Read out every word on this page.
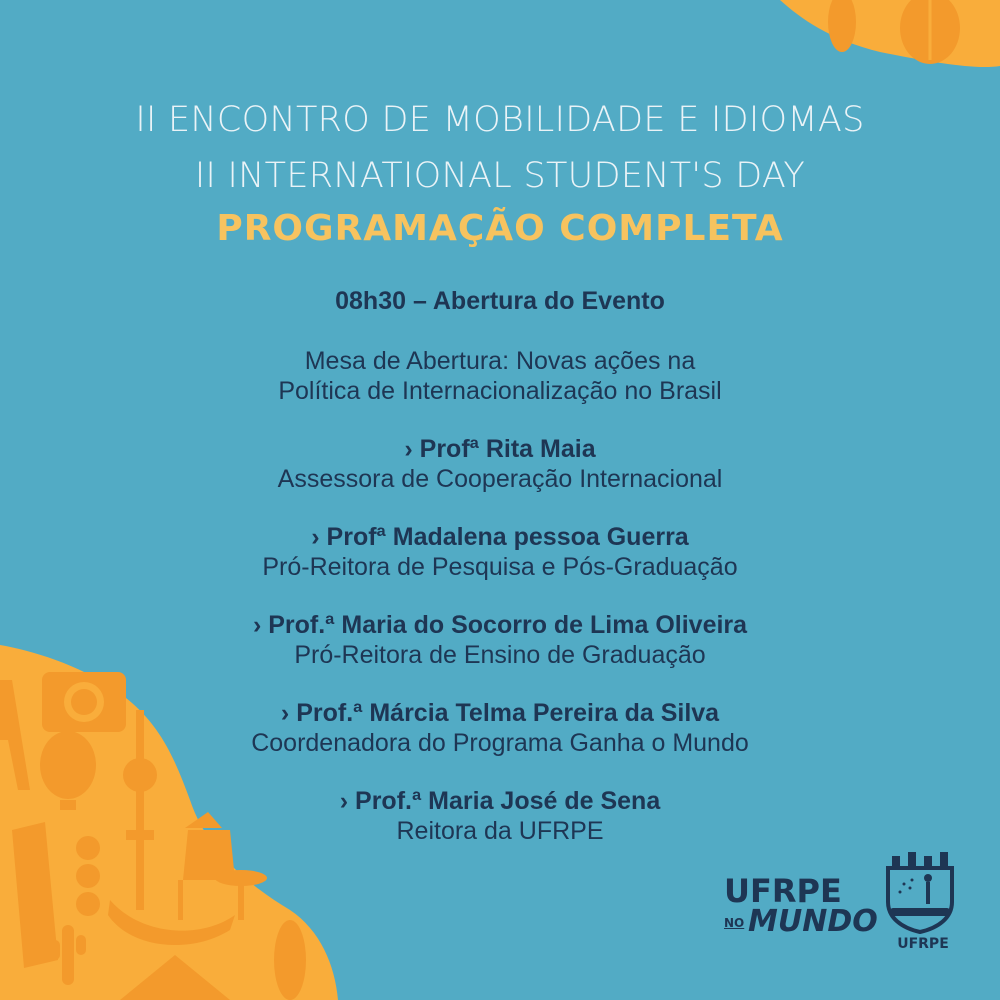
II ENCONTRO DE MOBILIDADE E IDIOMAS
II INTERNATIONAL STUDENT'S DAY
PROGRAMAÇÃO COMPLETA
08h30 – Abertura do Evento
Mesa de Abertura: Novas ações na
Política de Internacionalização no Brasil
› Profª Rita Maia
Assessora de Cooperação Internacional
› Profª Madalena pessoa Guerra
Pró-Reitora de Pesquisa e Pós-Graduação
› Prof.ª Maria do Socorro de Lima Oliveira
Pró-Reitora de Ensino de Graduação
› Prof.ª Márcia Telma Pereira da Silva
Coordenadora do Programa Ganha o Mundo
› Prof.ª Maria José de Sena
Reitora da UFRPE
UFRPE
NO MUNDO
UFRPE
